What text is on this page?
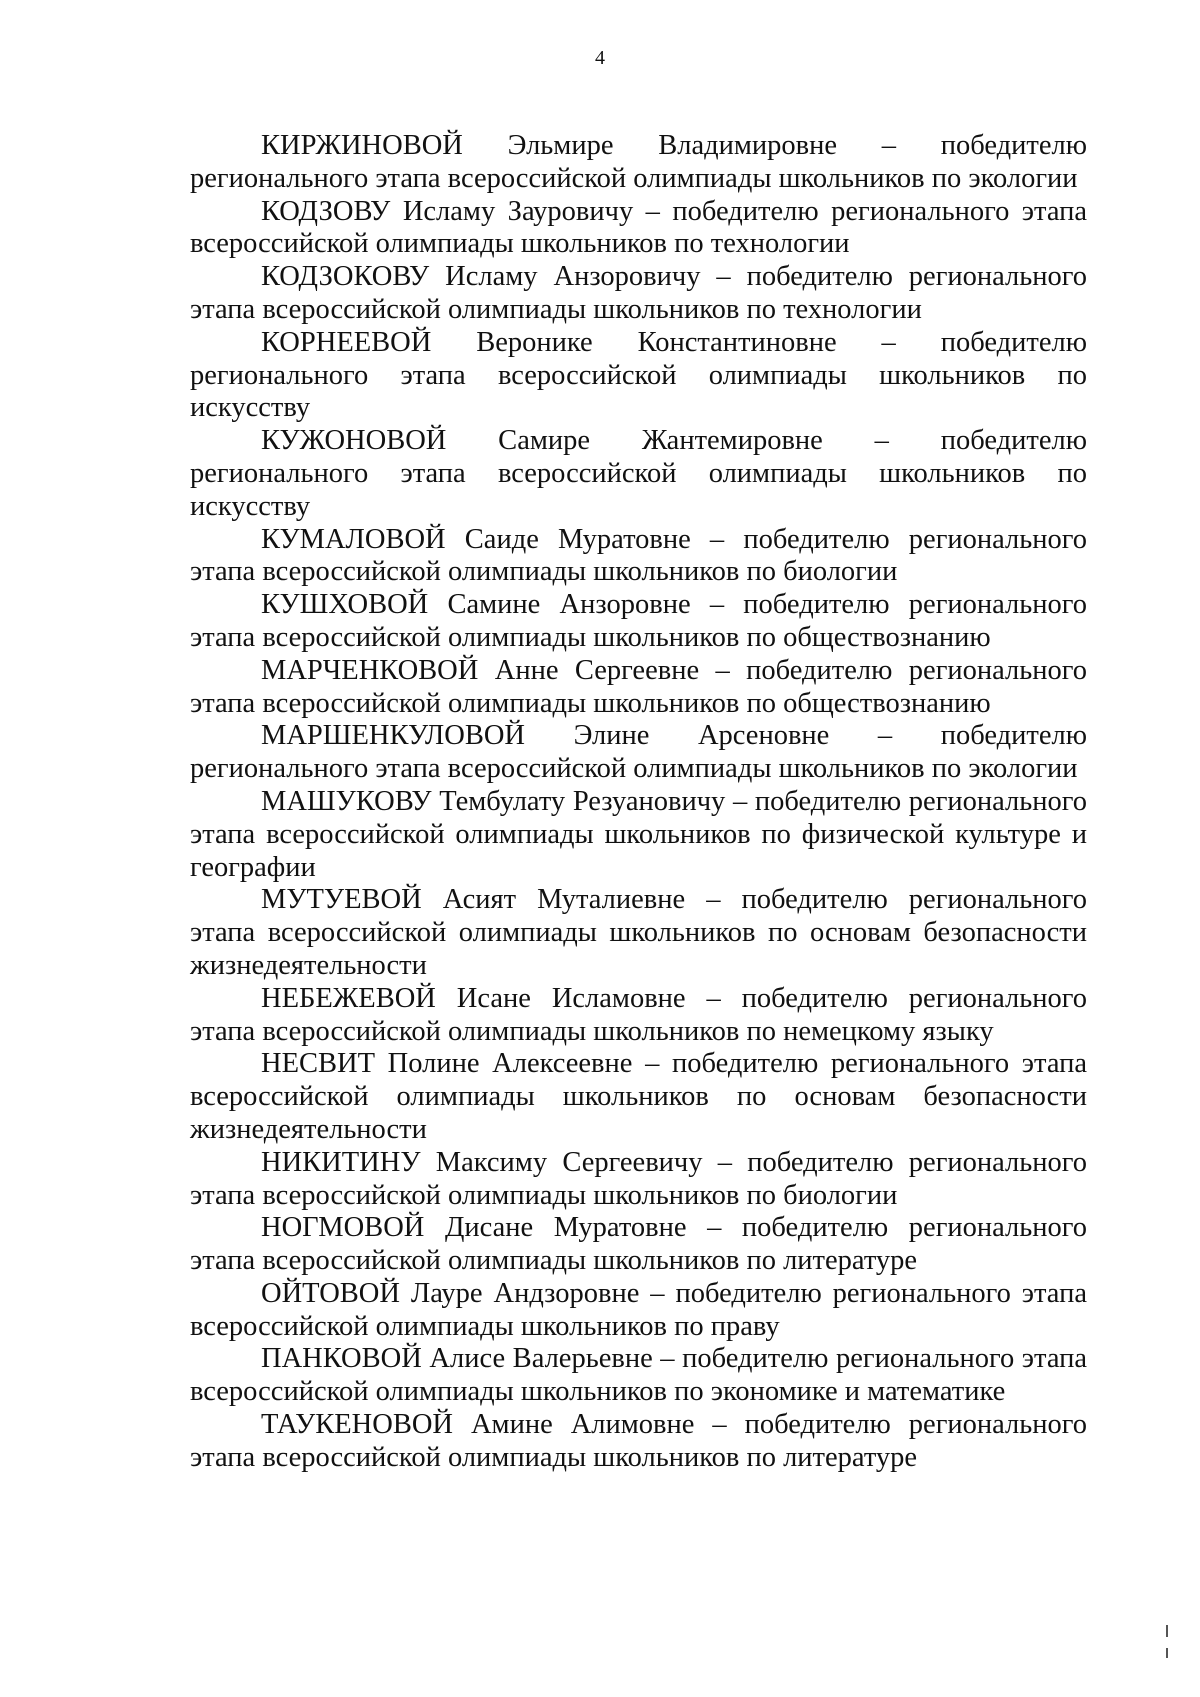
4

КИРЖИНОВОЙ Эльмире Владимировне – победителю регионального этапа всероссийской олимпиады школьников по экологии

КОДЗОВУ Исламу Зауровичу – победителю регионального этапа всероссийской олимпиады школьников по технологии

КОДЗОКОВУ Исламу Анзоровичу – победителю регионального этапа всероссийской олимпиады школьников по технологии

КОРНЕЕВОЙ Веронике Константиновне – победителю регионального этапа всероссийской олимпиады школьников по искусству

КУЖОНОВОЙ Самире Жантемировне – победителю регионального этапа всероссийской олимпиады школьников по искусству

КУМАЛОВОЙ Саиде Муратовне – победителю регионального этапа всероссийской олимпиады школьников по биологии

КУШХОВОЙ Самине Анзоровне – победителю регионального этапа всероссийской олимпиады школьников по обществознанию

МАРЧЕНКОВОЙ Анне Сергеевне – победителю регионального этапа всероссийской олимпиады школьников по обществознанию

МАРШЕНКУЛОВОЙ Элине Арсеновне – победителю регионального этапа всероссийской олимпиады школьников по экологии

МАШУКОВУ Тембулату Резуановичу – победителю регионального этапа всероссийской олимпиады школьников по физической культуре и географии

МУТУЕВОЙ Асият Муталиевне – победителю регионального этапа всероссийской олимпиады школьников по основам безопасности жизнедеятельности

НЕБЕЖЕВОЙ Исане Исламовне – победителю регионального этапа всероссийской олимпиады школьников по немецкому языку

НЕСВИТ Полине Алексеевне – победителю регионального этапа всероссийской олимпиады школьников по основам безопасности жизнедеятельности

НИКИТИНУ Максиму Сергеевичу – победителю регионального этапа всероссийской олимпиады школьников по биологии

НОГМОВОЙ Дисане Муратовне – победителю регионального этапа всероссийской олимпиады школьников по литературе

ОЙТОВОЙ Лауре Андзоровне – победителю регионального этапа всероссийской олимпиады школьников по праву

ПАНКОВОЙ Алисе Валерьевне – победителю регионального этапа всероссийской олимпиады школьников по экономике и математике

ТАУКЕНОВОЙ Амине Алимовне – победителю регионального этапа всероссийской олимпиады школьников по литературе
